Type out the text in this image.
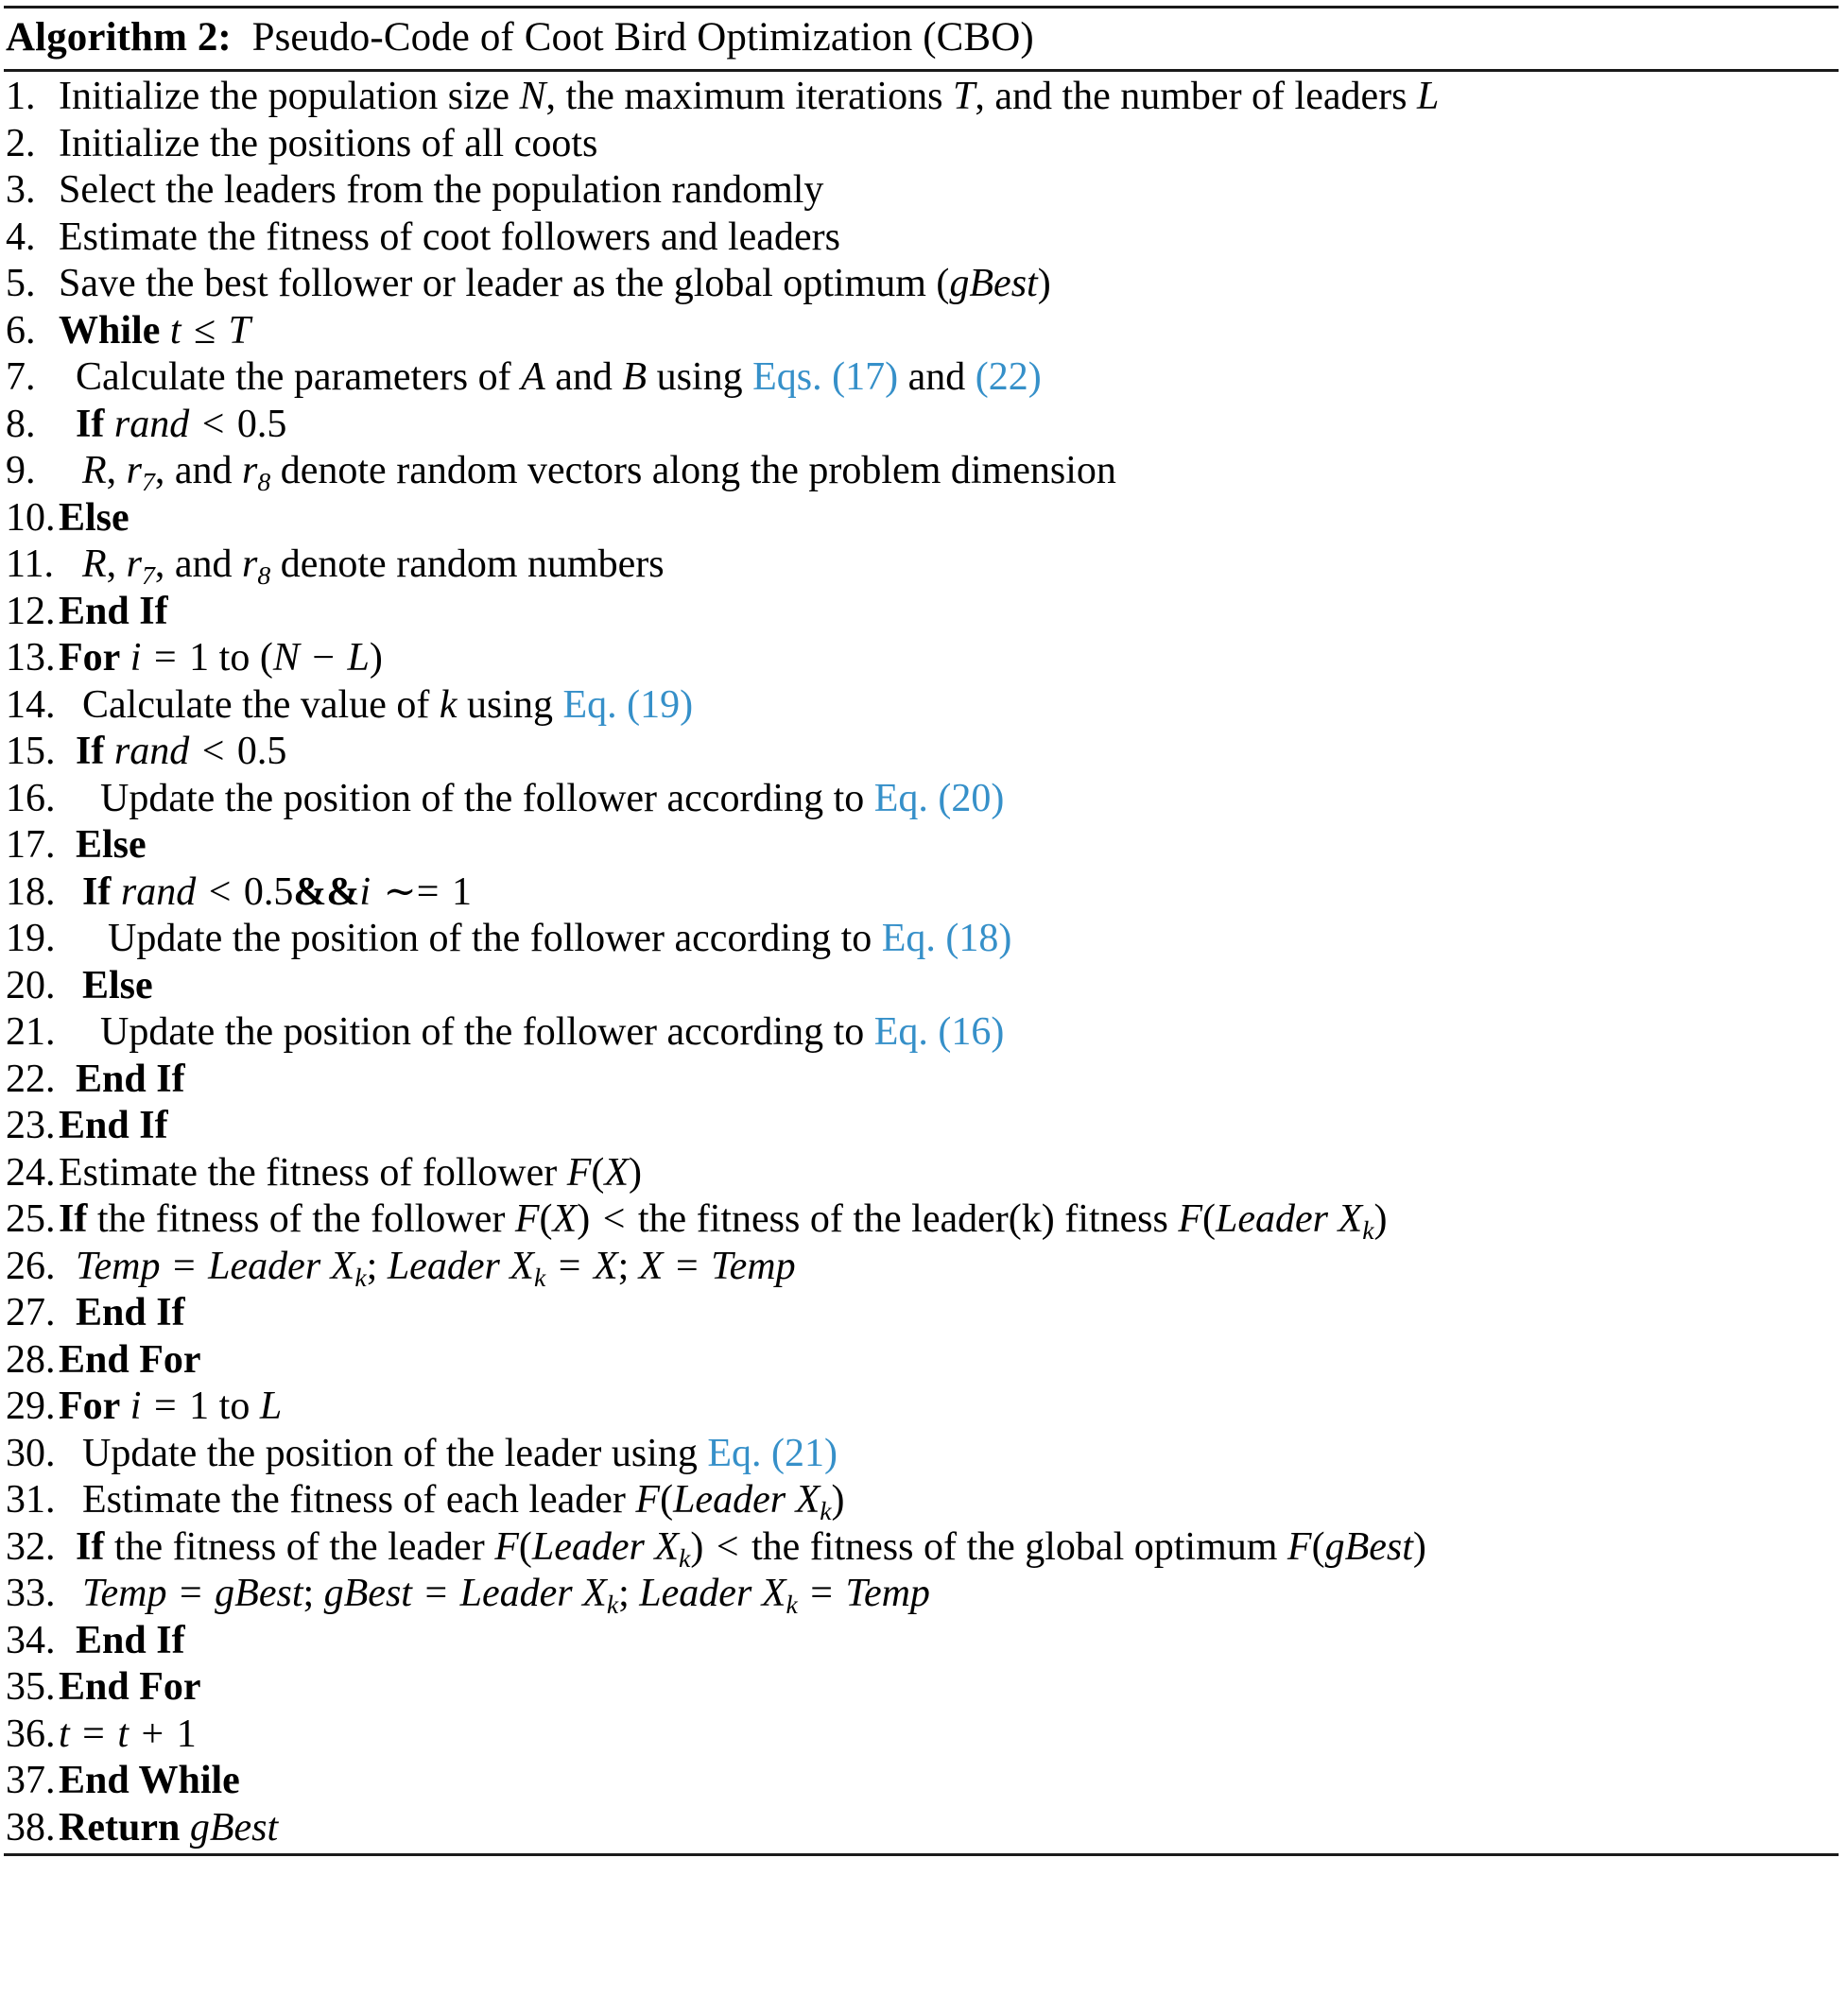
Algorithm 2: Pseudo-Code of Coot Bird Optimization (CBO)
1. Initialize the population size N, the maximum iterations T, and the number of leaders L
2. Initialize the positions of all coots
3. Select the leaders from the population randomly
4. Estimate the fitness of coot followers and leaders
5. Save the best follower or leader as the global optimum (gBest)
6. While t ≤ T
7.	Calculate the parameters of A and B using Eqs. (17) and (22)
8.	If rand < 0.5
9.	R, $r_7$, and $r_8$ denote random vectors along the problem dimension
10. Else
11. R, $r_7$, and $r_8$ denote random numbers
12. End If
13. For i = 1 to (N − L)
14. Calculate the value of k using Eq. (19)
15. If rand < 0.5
16.	Update the position of the follower according to Eq. (20)
17. Else
18. If rand < 0.5&&i ∼= 1
19.	Update the position of the follower according to Eq. (18)
20. Else
21.	Update the position of the follower according to Eq. (16)
22. End If
23. End If
24. Estimate the fitness of follower F(X)
25. If the fitness of the follower F(X) < the fitness of the leader(k) fitness F(Leader $X_k$)
26. Temp = Leader $X_k$; Leader $X_k = X$; X = Temp
27. End If
28. End For
29. For i = 1 to L
30. Update the position of the leader using Eq. (21)
31. Estimate the fitness of each leader F(Leader $X_k$)
32. If the fitness of the leader F(Leader $X_k$) < the fitness of the global optimum F(gBest)
33. Temp = gBest; gBest = Leader $X_k$; Leader $X_k$ = Temp
34. End If
35. End For
36. t = t + 1
37. End While
38. Return gBest
